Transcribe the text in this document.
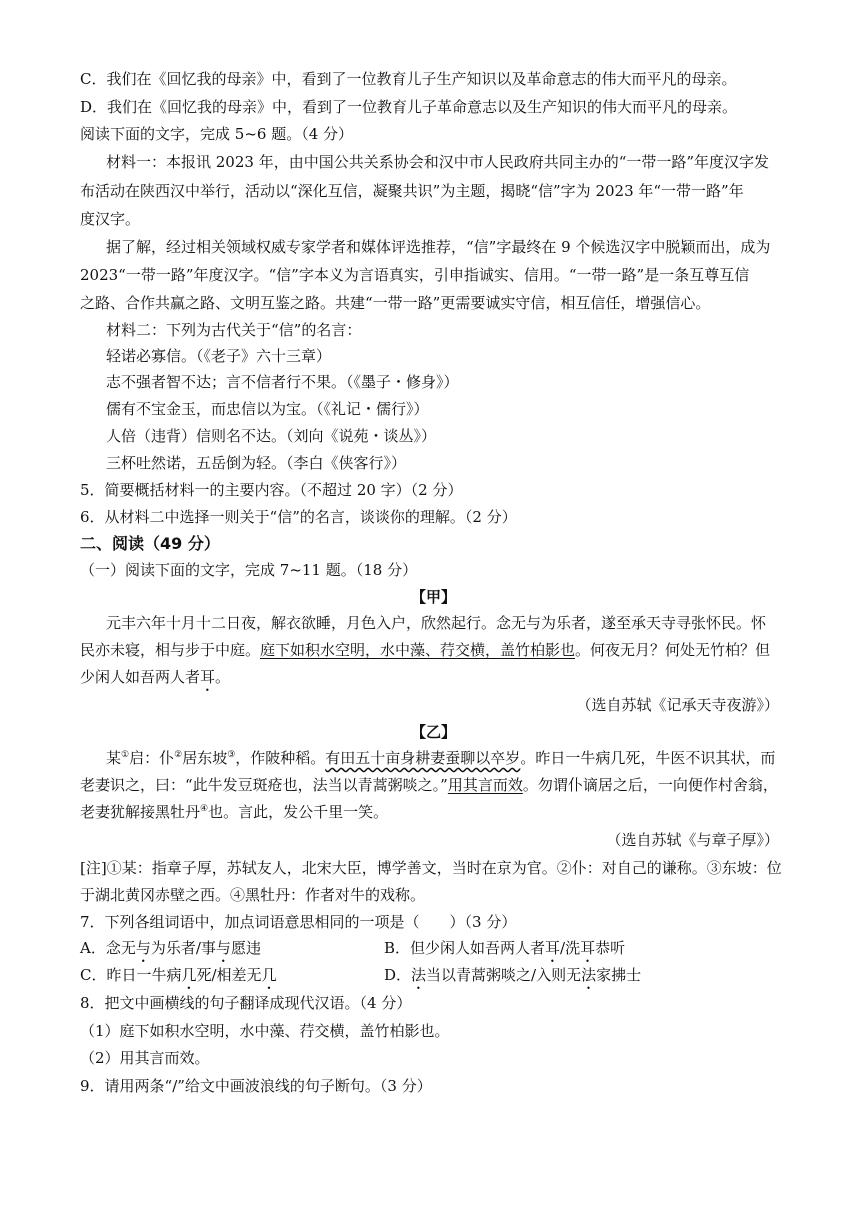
C．我们在《回忆我的母亲》中，看到了一位教育儿子生产知识以及革命意志的伟大而平凡的母亲。
D．我们在《回忆我的母亲》中，看到了一位教育儿子革命意志以及生产知识的伟大而平凡的母亲。
阅读下面的文字，完成 5~6 题。（4 分）
材料一：本报讯 2023 年，由中国公共关系协会和汉中市人民政府共同主办的“一带一路”年度汉字发
布活动在陕西汉中举行，活动以“深化互信，凝聚共识”为主题，揭晓“信”字为 2023 年“一带一路”年
度汉字。
据了解，经过相关领域权威专家学者和媒体评选推荐，“信”字最终在 9 个候选汉字中脱颖而出，成为
2023“一带一路”年度汉字。“信”字本义为言语真实，引申指诚实、信用。“一带一路”是一条互尊互信
之路、合作共赢之路、文明互鉴之路。共建“一带一路”更需要诚实守信，相互信任，增强信心。
材料二：下列为古代关于“信”的名言：
轻诺必寡信。（《老子》六十三章）
志不强者智不达；言不信者行不果。（《墨子・修身》）
儒有不宝金玉，而忠信以为宝。（《礼记・儒行》）
人倍（违背）信则名不达。（刘向《说苑・谈丛》）
三杯吐然诺，五岳倒为轻。（李白《侠客行》）
5．简要概括材料一的主要内容。（不超过 20 字）（2 分）
6．从材料二中选择一则关于“信”的名言，谈谈你的理解。（2 分）
二、阅读（49 分）
（一）阅读下面的文字，完成 7~11 题。（18 分）
【甲】
元丰六年十月十二日夜，解衣欲睡，月色入户，欣然起行。念无与为乐者，遂至承天寺寻张怀民。怀
民亦未寝，相与步于中庭。庭下如积水空明，水中藻、荇交横，盖竹柏影也。何夜无月？何处无竹柏？但
少闲人如吾两人者耳。
（选自苏轼《记承天寺夜游》）
【乙】
某①启：仆②居东坡③，作陂种稻。有田五十亩身耕妻蚕聊以卒岁。昨日一牛病几死，牛医不识其状，而
老妻识之，曰：“此牛发豆斑疮也，法当以青蒿粥啖之。”用其言而效。勿谓仆谪居之后，一向便作村舍翁，
老妻犹解接黑牡丹④也。言此，发公千里一笑。
（选自苏轼《与章子厚》）
[注]①某：指章子厚，苏轼友人，北宋大臣，博学善文，当时在京为官。②仆：对自己的谦称。③东坡：位
于湖北黄冈赤壁之西。④黑牡丹：作者对牛的戏称。
7．下列各组词语中，加点词语意思相同的一项是（　　）（3 分）
A．念无与为乐者/事与愿违	B．但少闲人如吾两人者耳/洗耳恭听
C．昨日一牛病几死/相差无几	D．法当以青蒿粥啖之/入则无法家拂士
8．把文中画横线的句子翻译成现代汉语。（4 分）
（1）庭下如积水空明，水中藻、荇交横，盖竹柏影也。
（2）用其言而效。
9．请用两条“/”给文中画波浪线的句子断句。（3 分）
